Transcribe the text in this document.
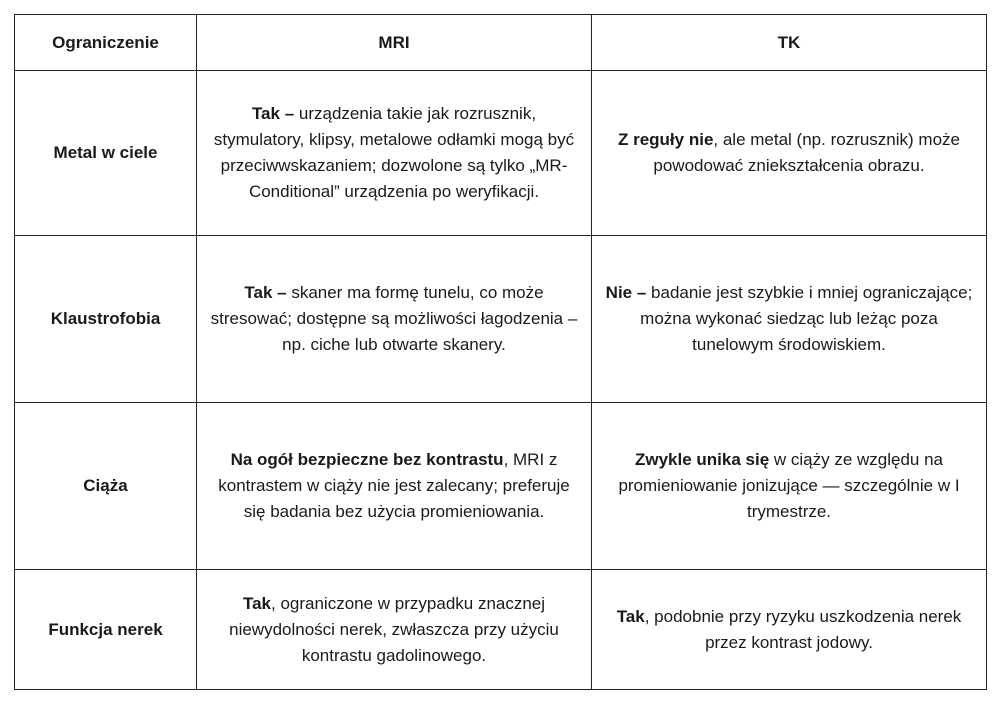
Ograniczenie	MRI	TK
Metal w ciele	Tak – urządzenia takie jak rozrusznik, stymulatory, klipsy, metalowe odłamki mogą być przeciwwskazaniem; dozwolone są tylko „MR-Conditional” urządzenia po weryfikacji.	Z reguły nie, ale metal (np. rozrusznik) może powodować zniekształcenia obrazu.
Klaustrofobia	Tak – skaner ma formę tunelu, co może stresować; dostępne są możliwości łagodzenia – np. ciche lub otwarte skanery.	Nie – badanie jest szybkie i mniej ograniczające; można wykonać siedząc lub leżąc poza tunelowym środowiskiem.
Ciąża	Na ogół bezpieczne bez kontrastu, MRI z kontrastem w ciąży nie jest zalecany; preferuje się badania bez użycia promieniowania.	Zwykle unika się w ciąży ze względu na promieniowanie jonizujące — szczególnie w I trymestrze.
Funkcja nerek	Tak, ograniczone w przypadku znacznej niewydolności nerek, zwłaszcza przy użyciu kontrastu gadolinowego.	Tak, podobnie przy ryzyku uszkodzenia nerek przez kontrast jodowy.
